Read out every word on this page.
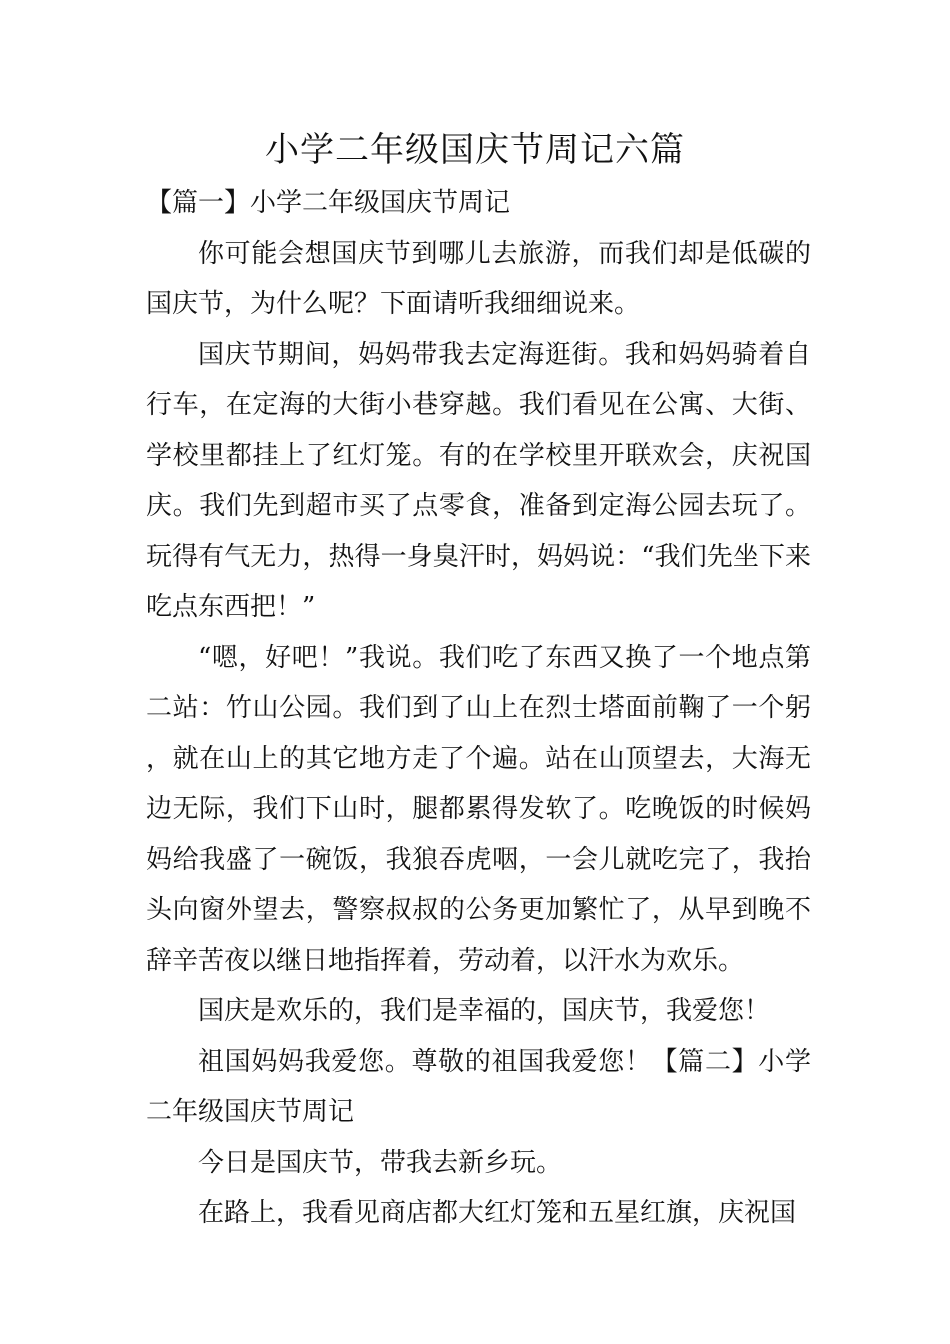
小学二年级国庆节周记六篇

【篇一】小学二年级国庆节周记

你可能会想国庆节到哪儿去旅游，而我们却是低碳的国庆节，为什么呢？下面请听我细细说来。

国庆节期间，妈妈带我去定海逛街。我和妈妈骑着自行车，在定海的大街小巷穿越。我们看见在公寓、大街、学校里都挂上了红灯笼。有的在学校里开联欢会，庆祝国庆。我们先到超市买了点零食，准备到定海公园去玩了。玩得有气无力，热得一身臭汗时，妈妈说：“我们先坐下来吃点东西把！”

“嗯，好吧！”我说。我们吃了东西又换了一个地点第二站：竹山公园。我们到了山上在烈士塔面前鞠了一个躬，就在山上的其它地方走了个遍。站在山顶望去，大海无边无际，我们下山时，腿都累得发软了。吃晚饭的时候妈妈给我盛了一碗饭，我狼吞虎咽，一会儿就吃完了，我抬头向窗外望去，警察叔叔的公务更加繁忙了，从早到晚不辞辛苦夜以继日地指挥着，劳动着，以汗水为欢乐。

国庆是欢乐的，我们是幸福的，国庆节，我爱您！

祖国妈妈我爱您。尊敬的祖国我爱您！【篇二】小学二年级国庆节周记

今日是国庆节，带我去新乡玩。

在路上，我看见商店都大红灯笼和五星红旗，庆祝国
